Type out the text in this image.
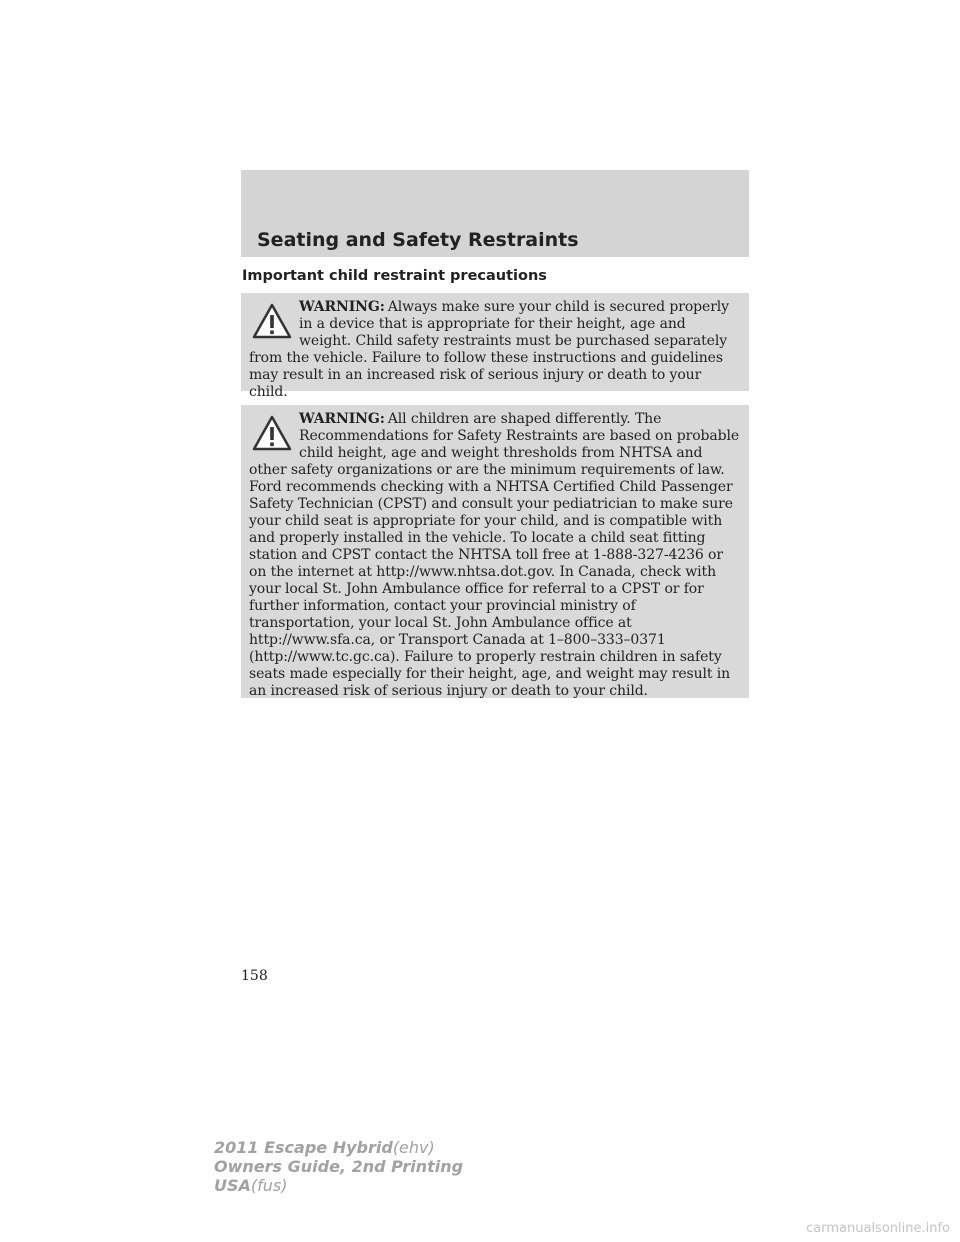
Seating and Safety Restraints
Important child restraint precautions

WARNING: Always make sure your child is secured properly in a device that is appropriate for their height, age and weight. Child safety restraints must be purchased separately from the vehicle. Failure to follow these instructions and guidelines may result in an increased risk of serious injury or death to your child.

WARNING: All children are shaped differently. The Recommendations for Safety Restraints are based on probable child height, age and weight thresholds from NHTSA and other safety organizations or are the minimum requirements of law. Ford recommends checking with a NHTSA Certified Child Passenger Safety Technician (CPST) and consult your pediatrician to make sure your child seat is appropriate for your child, and is compatible with and properly installed in the vehicle. To locate a child seat fitting station and CPST contact the NHTSA toll free at 1-888-327-4236 or on the internet at http://www.nhtsa.dot.gov. In Canada, check with your local St. John Ambulance office for referral to a CPST or for further information, contact your provincial ministry of transportation, your local St. John Ambulance office at http://www.sfa.ca, or Transport Canada at 1–800–333–0371 (http://www.tc.gc.ca). Failure to properly restrain children in safety seats made especially for their height, age, and weight may result in an increased risk of serious injury or death to your child.

158

2011 Escape Hybrid(ehv)
Owners Guide, 2nd Printing
USA(fus)

carmanualsonline.info
